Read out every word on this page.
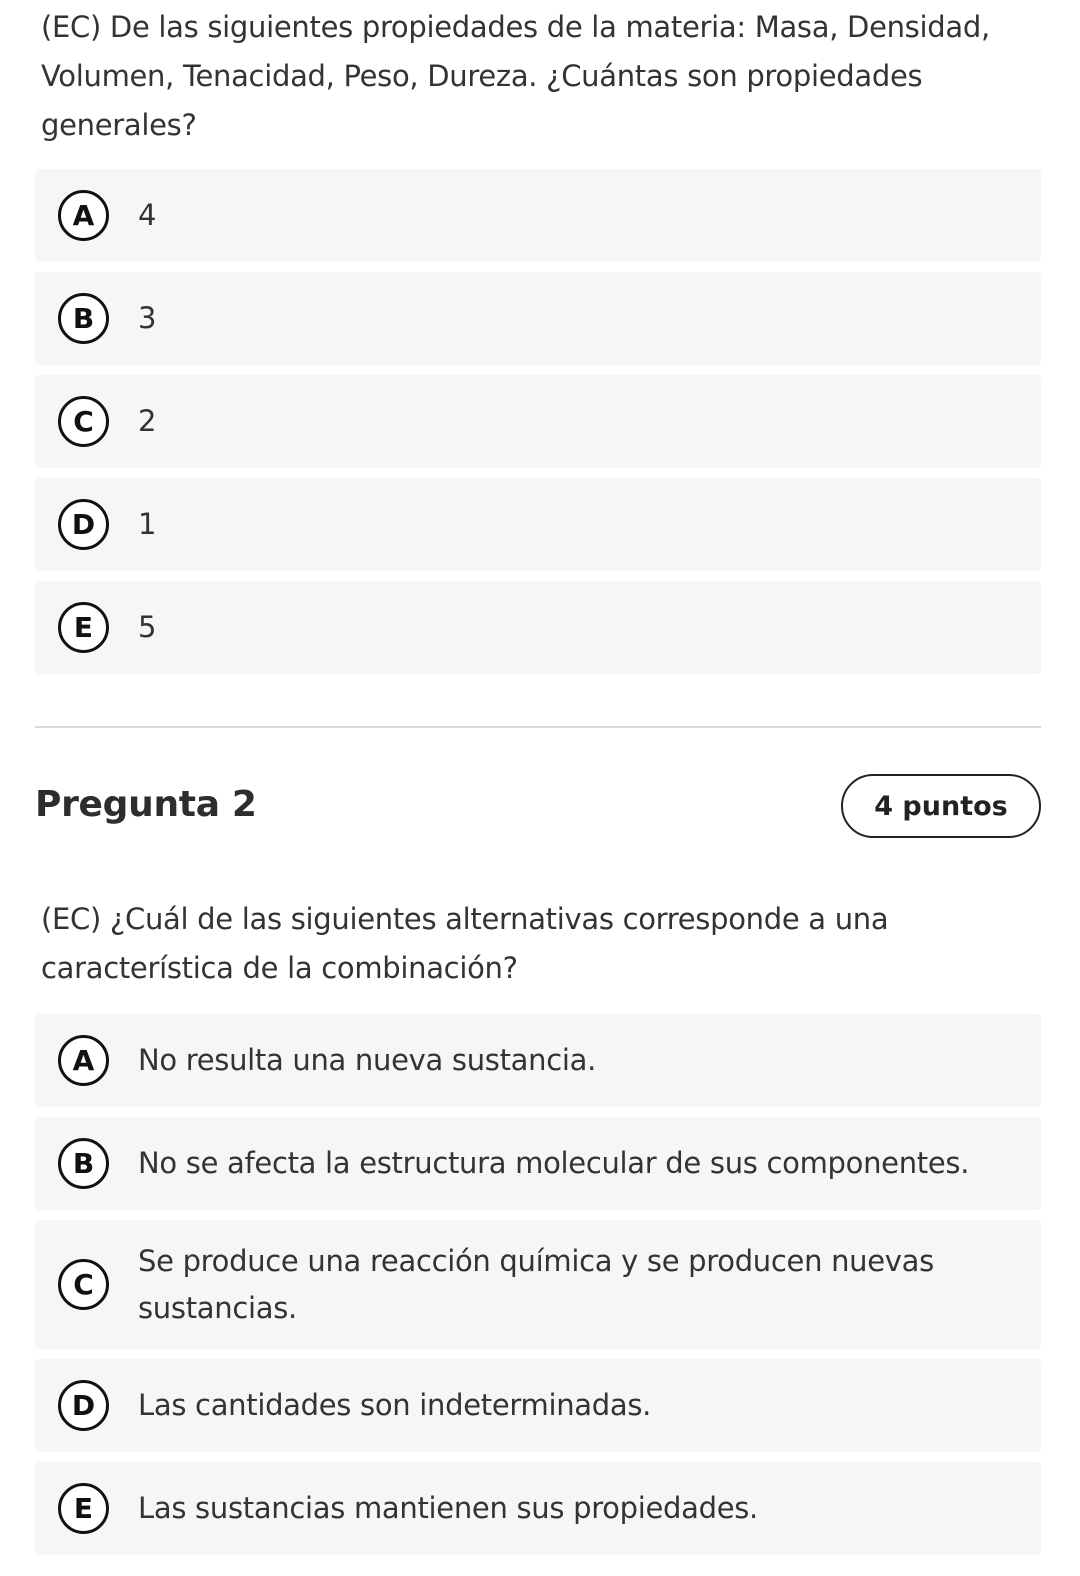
(EC) De las siguientes propiedades de la materia: Masa, Densidad, Volumen, Tenacidad, Peso, Dureza. ¿Cuántas son propiedades generales?
A	4
B	3
C	2
D	1
E	5
Pregunta 2	4 puntos
(EC) ¿Cuál de las siguientes alternativas corresponde a una característica de la combinación?
A	No resulta una nueva sustancia.
B	No se afecta la estructura molecular de sus componentes.
C
Se produce una reacción química y se producen nuevas sustancias.
D	Las cantidades son indeterminadas.
E	Las sustancias mantienen sus propiedades.
